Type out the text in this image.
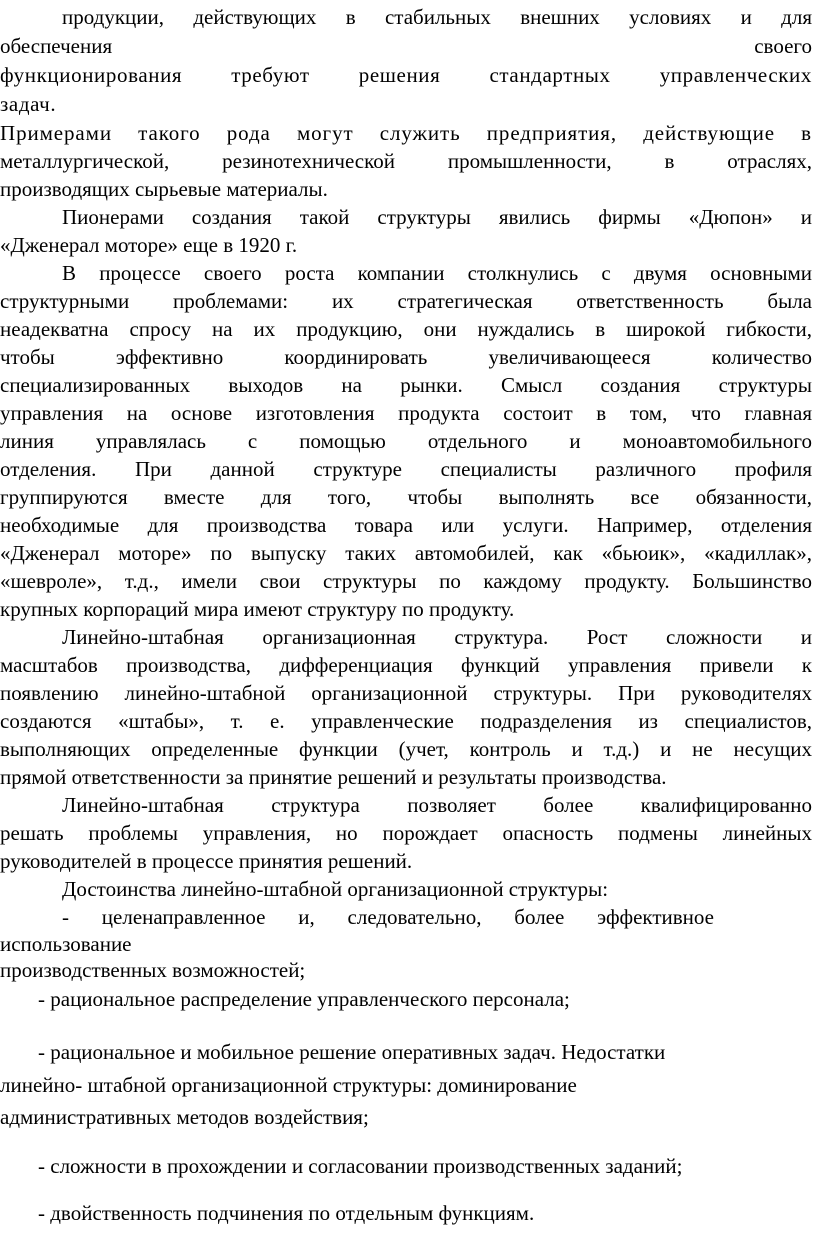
продукции, действующих в стабильных внешних условиях и для
обеспечения своего
функционирования требуют решения стандартных управленческих
задач.
Примерами такого рода могут служить предприятия, действующие в
металлургической, резинотехнической промышленности, в отраслях,
производящих сырьевые материалы.
Пионерами создания такой структуры явились фирмы «Дюпон» и
«Дженерал моторе» еще в 1920 г.
В процессе своего роста компании столкнулись с двумя основными
структурными проблемами: их стратегическая ответственность была
неадекватна спросу на их продукцию, они нуждались в широкой гибкости,
чтобы эффективно координировать увеличивающееся количество
специализированных выходов на рынки. Смысл создания структуры
управления на основе изготовления продукта состоит в том, что главная
линия управлялась с помощью отдельного и моноавтомобильного
отделения. При данной структуре специалисты различного профиля
группируются вместе для того, чтобы выполнять все обязанности,
необходимые для производства товара или услуги. Например, отделения
«Дженерал моторе» по выпуску таких автомобилей, как «бьюик», «кадиллак»,
«шевроле», т.д., имели свои структуры по каждому продукту. Большинство
крупных корпораций мира имеют структуру по продукту.
Линейно-штабная организационная структура. Рост сложности и
масштабов производства, дифференциация функций управления привели к
появлению линейно-штабной организационной структуры. При руководителях
создаются «штабы», т. е. управленческие подразделения из специалистов,
выполняющих определенные функции (учет, контроль и т.д.) и не несущих
прямой ответственности за принятие решений и результаты производства.
Линейно-штабная структура позволяет более квалифицированно
решать проблемы управления, но порождает опасность подмены линейных
руководителей в процессе принятия решений.
Достоинства линейно-штабной организационной структуры:
- целенаправленное и, следовательно, более эффективное
использование
производственных возможностей;
- рациональное распределение управленческого персонала;
- рациональное и мобильное решение оперативных задач. Недостатки
линейно- штабной организационной структуры: доминирование
административных методов воздействия;
- сложности в прохождении и согласовании производственных заданий;
- двойственность подчинения по отдельным функциям.
